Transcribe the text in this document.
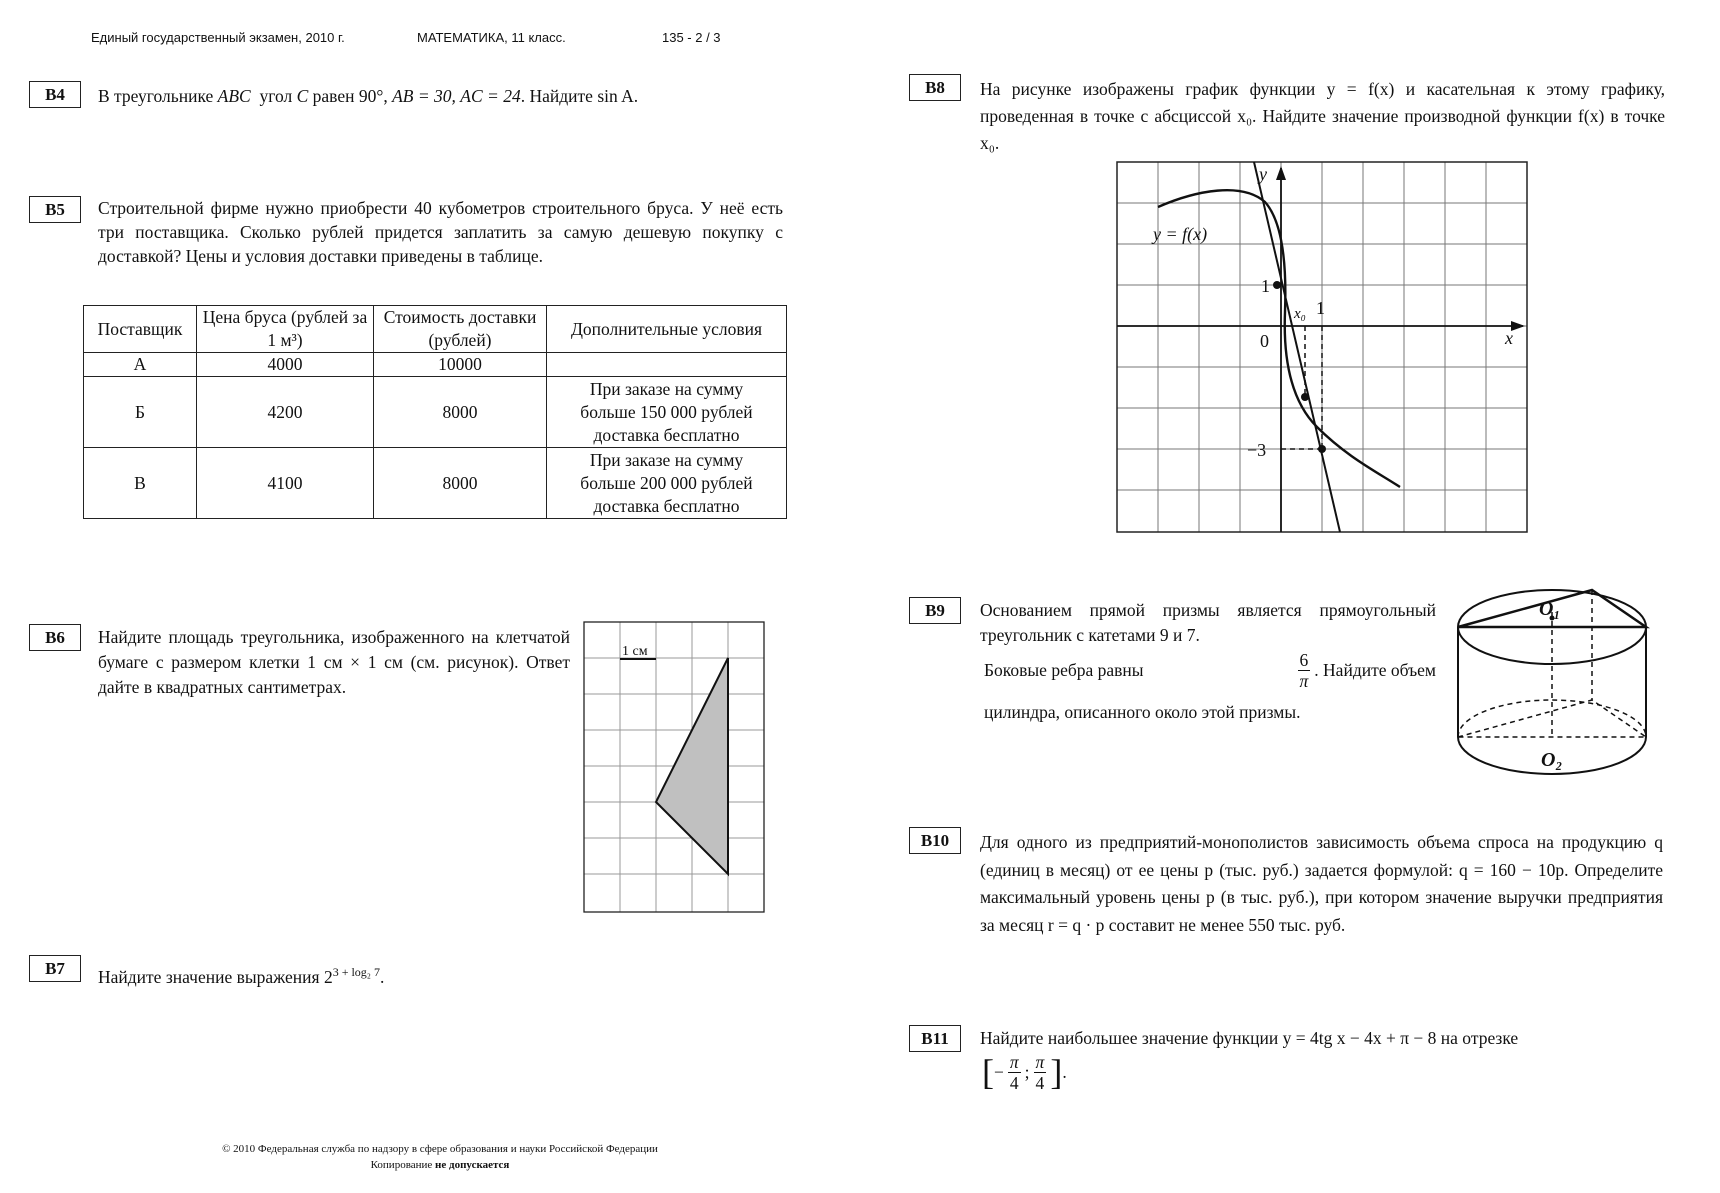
Единый государственный экзамен, 2010 г.	МАТЕМАТИКА, 11 класс.	135 - 2 / 3
B4	В треугольнике ABC угол C равен 90°, AB = 30, AC = 24. Найдите sin A.
B5	Строительной фирме нужно приобрести 40 кубометров строительного бруса. У неё есть три поставщика. Сколько рублей придется заплатить за самую дешевую покупку с доставкой? Цены и условия доставки приведены в таблице.
Поставщик	Цена бруса (рублей за 1 м³)	Стоимость доставки (рублей)	Дополнительные условия
А	4000	10000	
Б	4200	8000	При заказе на сумму больше 150 000 рублей доставка бесплатно
В	4100	8000	При заказе на сумму больше 200 000 рублей доставка бесплатно
B6	Найдите площадь треугольника, изображенного на клетчатой бумаге с размером клетки 1 см × 1 см (см. рисунок). Ответ дайте в квадратных сантиметрах.
1 см
B7	Найдите значение выражения $2^{3 + log_2 7}$.
B8	На рисунке изображены график функции y = f(x) и касательная к этому графику, проведенная в точке с абсциссой x₀. Найдите значение производной функции f(x) в точке x₀.
y
x
y = f(x)
1
1
0
−3
x₀
B9	Основанием прямой призмы является прямоугольный треугольник с катетами 9 и 7.
Боковые ребра равны	$\frac{6}{\pi}$ . Найдите объем
цилиндра, описанного около этой призмы.
O₁
O₂
B10	Для одного из предприятий-монополистов зависимость объема спроса на продукцию q (единиц в месяц) от ее цены p (тыс. руб.) задается формулой: q = 160 − 10p. Определите максимальный уровень цены p (в тыс. руб.), при котором значение выручки предприятия за месяц r = q · p составит не менее 550 тыс. руб.
B11	Найдите наибольшее значение функции y = 4tg x − 4x + π − 8 на отрезке
[ − $\frac{\pi}{4}$ ; $\frac{\pi}{4}$ ] .
© 2010 Федеральная служба по надзору в сфере образования и науки Российской Федерации
Копирование не допускается
